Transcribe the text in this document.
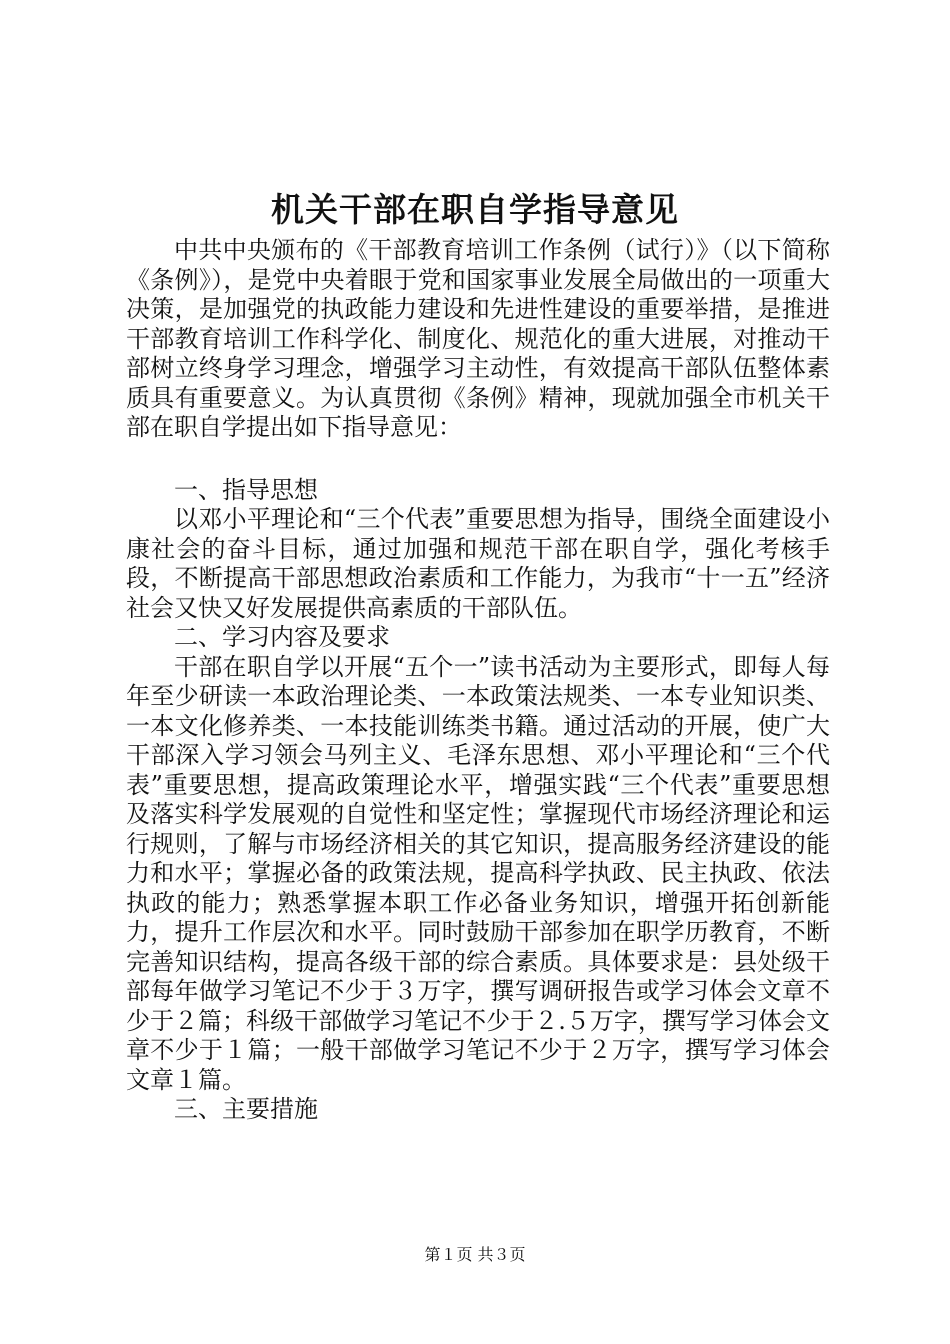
机关干部在职自学指导意见

中共中央颁布的《干部教育培训工作条例（试行）》（以下简称《条例》），是党中央着眼于党和国家事业发展全局做出的一项重大决策，是加强党的执政能力建设和先进性建设的重要举措，是推进干部教育培训工作科学化、制度化、规范化的重大进展，对推动干部树立终身学习理念，增强学习主动性，有效提高干部队伍整体素质具有重要意义。为认真贯彻《条例》精神，现就加强全市机关干部在职自学提出如下指导意见：

一、指导思想

以邓小平理论和“三个代表”重要思想为指导，围绕全面建设小康社会的奋斗目标，通过加强和规范干部在职自学，强化考核手段，不断提高干部思想政治素质和工作能力，为我市“十一五”经济社会又快又好发展提供高素质的干部队伍。

二、学习内容及要求

干部在职自学以开展“五个一”读书活动为主要形式，即每人每年至少研读一本政治理论类、一本政策法规类、一本专业知识类、一本文化修养类、一本技能训练类书籍。通过活动的开展，使广大干部深入学习领会马列主义、毛泽东思想、邓小平理论和“三个代表”重要思想，提高政策理论水平，增强实践“三个代表”重要思想及落实科学发展观的自觉性和坚定性；掌握现代市场经济理论和运行规则，了解与市场经济相关的其它知识，提高服务经济建设的能力和水平；掌握必备的政策法规，提高科学执政、民主执政、依法执政的能力；熟悉掌握本职工作必备业务知识，增强开拓创新能力，提升工作层次和水平。同时鼓励干部参加在职学历教育，不断完善知识结构，提高各级干部的综合素质。具体要求是：县处级干部每年做学习笔记不少于３万字，撰写调研报告或学习体会文章不少于２篇；科级干部做学习笔记不少于２.５万字，撰写学习体会文章不少于１篇；一般干部做学习笔记不少于２万字，撰写学习体会文章１篇。

三、主要措施

第１页 共３页
